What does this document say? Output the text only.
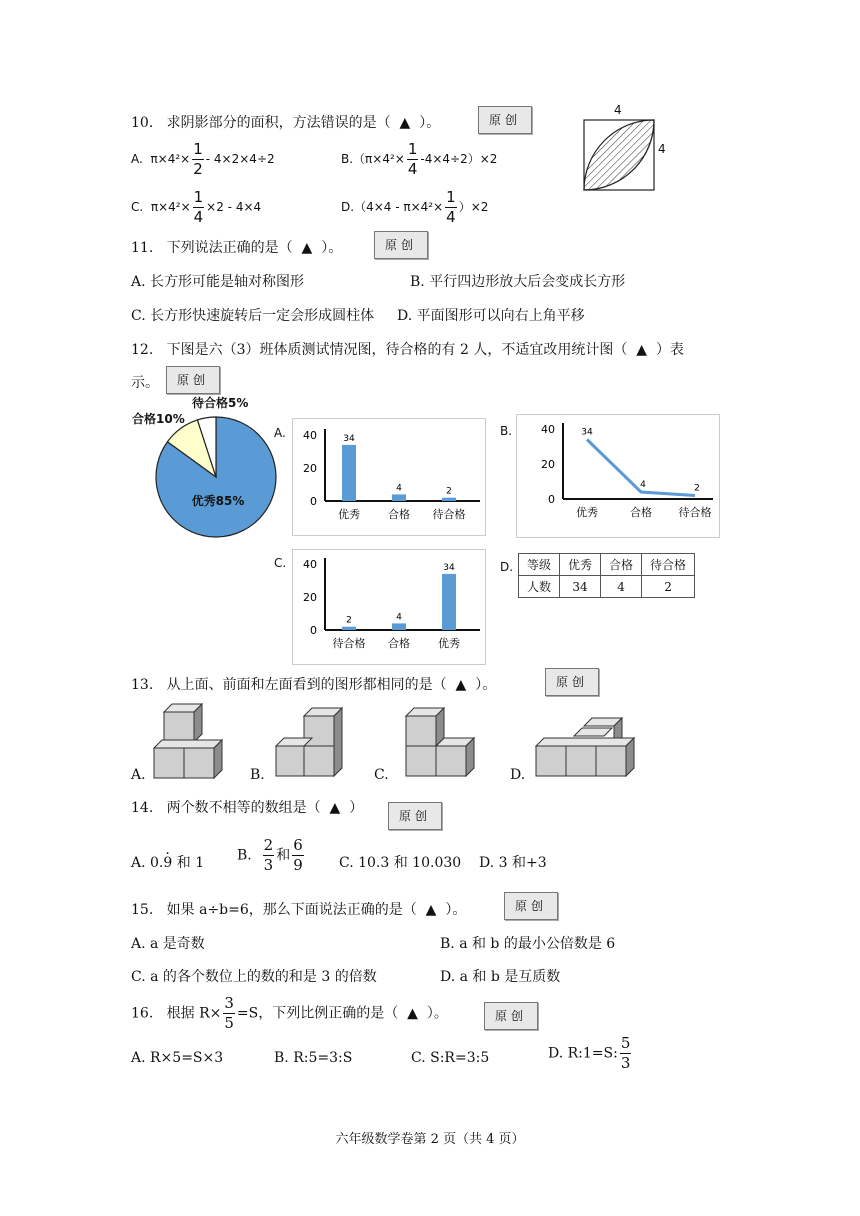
10. 求阴影部分的面积，方法错误的是（ ▲ ）。	原创
4
4
A. $\pi\times 4^2\times \frac{1}{2} - 4\times 2\times 4\div 2$	$B.(\pi\times 4^2\times \frac{1}{4} -4\times 4\div 2)\times 2$
C. $\pi\times 4^2\times \frac{1}{4} \times 2 - 4\times 4$	$D.(4\times 4 - \pi\times 4^2\times \frac{1}{4} )\times 2$
11. 下列说法正确的是（ ▲ ）。	原创
A. 长方形可能是轴对称图形	B. 平行四边形放大后会变成长方形
C. 长方形快速旋转后一定会形成圆柱体 D. 平面图形可以向右上角平移
12. 下图是六（3）班体质测试情况图，待合格的有 2 人，不适宜改用统计图（ ▲ ）表
示。	原创
优秀85%
合格10%
待合格5%
A.
0
20
40	34
优秀
4
合格
2
待合格
B.
0
20
40	34
优秀
4
合格
2
待合格
C.
0
20
40
2
待合格
4
合格
34
优秀
D. 等级	优秀	合格	待合格
人数	34	4	2
13. 从上面、前面和左面看到的图形都相同的是（ ▲ ）。	原创
A.	B.	C.	D.
14. 两个数不相等的数组是（ ▲ ）	原创
A. 0.9
.
和 1 B. $\frac{2}{3}$ 和 $\frac{6}{9}$	C. 10.3 和 10.030 D. 3 和+3
15. 如果 a÷b=6，那么下面说法正确的是（ ▲ ）。	原创
A. a 是奇数	B. a 和 b 的最小公倍数是 6
C. a 的各个数位上的数的和是 3 的倍数	D. a 和 b 是互质数
16. 根据 $R\times \frac{3}{5} =S$，下列比例正确的是（ ▲ ）。	原创
A. R×5=S×3	B. R:5=3:S	C. S:R=3:5	D. R:1=S: $\frac{5}{3}$
六年级数学卷第 2 页（共 4 页）
